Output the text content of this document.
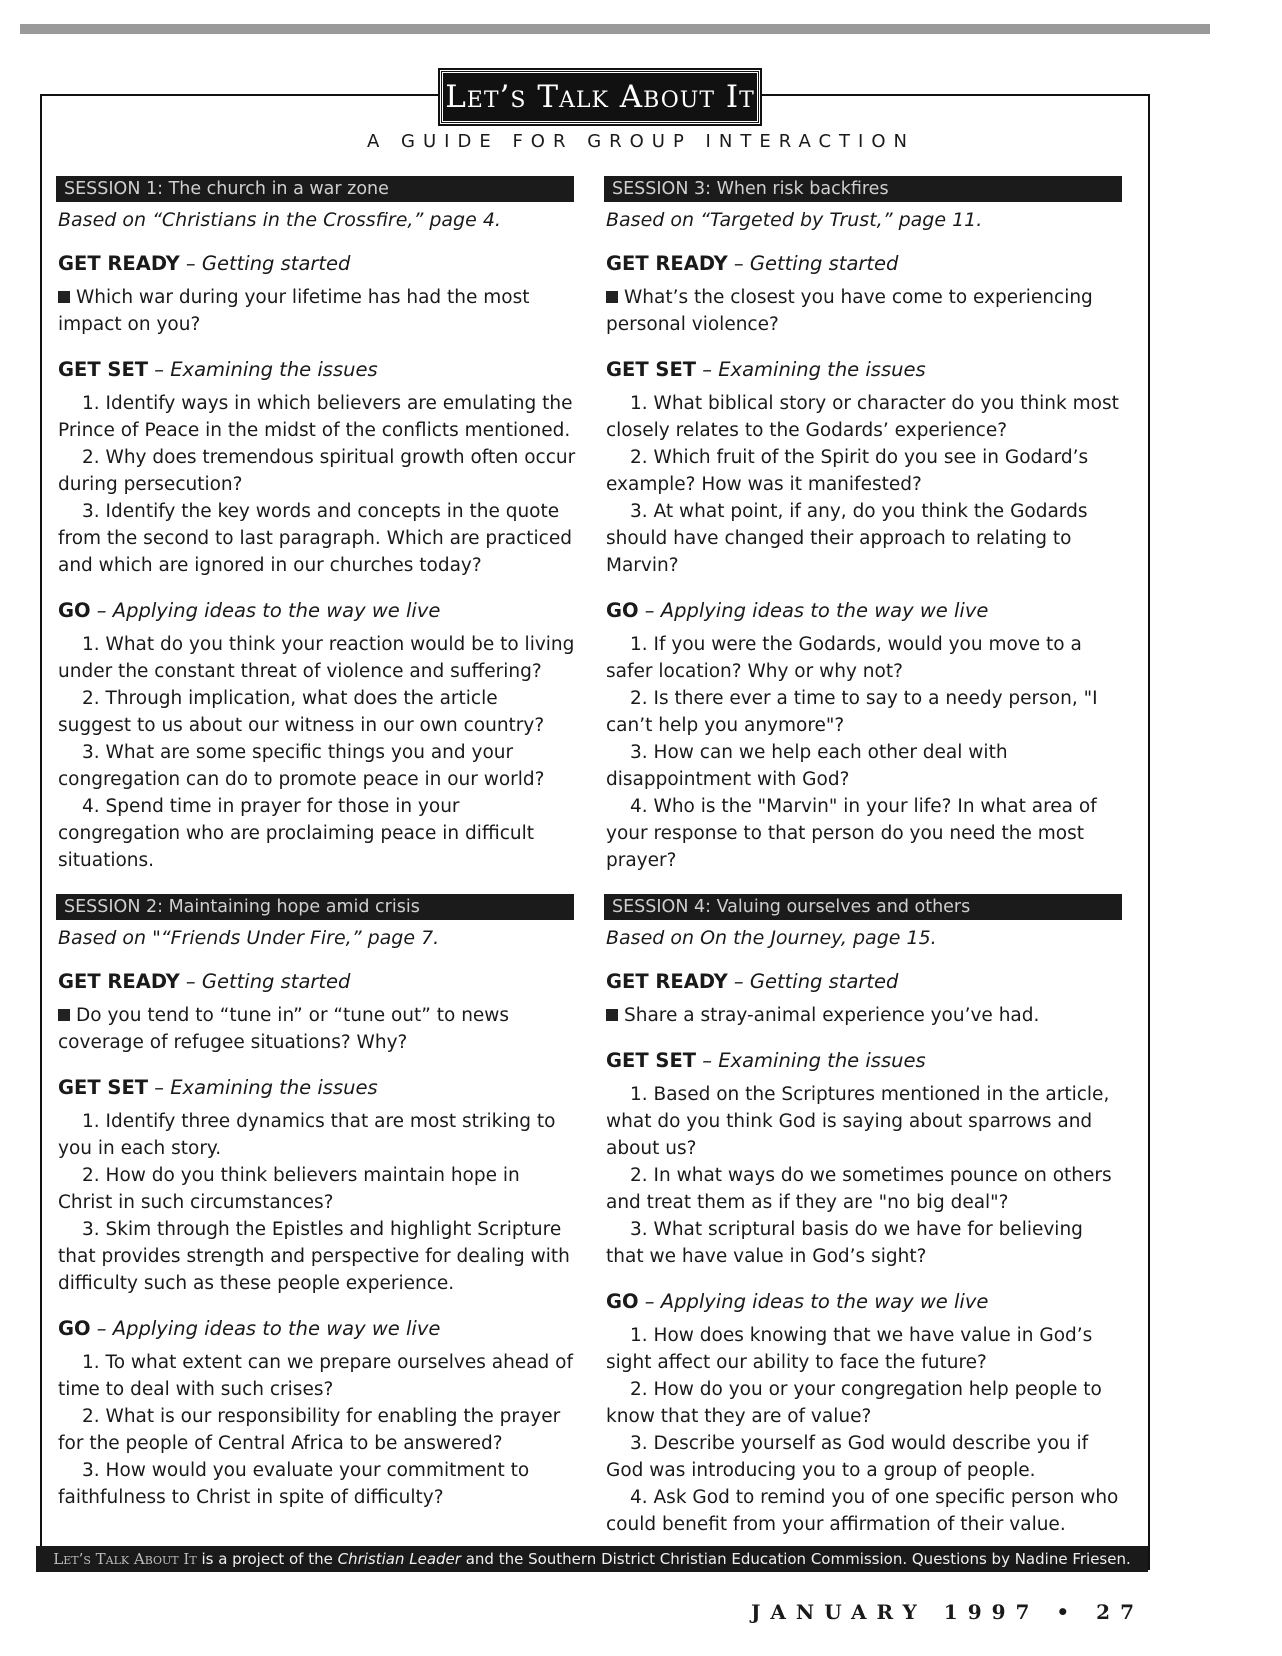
Let’s Talk About It
A GUIDE FOR GROUP INTERACTION
SESSION 1: The church in a war zone
Based on “Christians in the Crossfire,” page 4.
GET READY – Getting started
Which war during your lifetime has had the most impact on you?
GET SET – Examining the issues
1. Identify ways in which believers are emulating the Prince of Peace in the midst of the conflicts mentioned.
2. Why does tremendous spiritual growth often occur during persecution?
3. Identify the key words and concepts in the quote from the second to last paragraph. Which are practiced and which are ignored in our churches today?
GO – Applying ideas to the way we live
1. What do you think your reaction would be to living under the constant threat of violence and suffering?
2. Through implication, what does the article suggest to us about our witness in our own country?
3. What are some specific things you and your congregation can do to promote peace in our world?
4. Spend time in prayer for those in your congregation who are proclaiming peace in difficult situations.
SESSION 2: Maintaining hope amid crisis
Based on "“Friends Under Fire,” page 7.
GET READY – Getting started
Do you tend to “tune in” or “tune out” to news coverage of refugee situations? Why?
GET SET – Examining the issues
1. Identify three dynamics that are most striking to you in each story.
2. How do you think believers maintain hope in Christ in such circumstances?
3. Skim through the Epistles and highlight Scripture that provides strength and perspective for dealing with difficulty such as these people experience.
GO – Applying ideas to the way we live
1. To what extent can we prepare ourselves ahead of time to deal with such crises?
2. What is our responsibility for enabling the prayer for the people of Central Africa to be answered?
3. How would you evaluate your commitment to faithfulness to Christ in spite of difficulty?
SESSION 3: When risk backfires
Based on “Targeted by Trust,” page 11.
GET READY – Getting started
What’s the closest you have come to experiencing personal violence?
GET SET – Examining the issues
1. What biblical story or character do you think most closely relates to the Godards’ experience?
2. Which fruit of the Spirit do you see in Godard’s example? How was it manifested?
3. At what point, if any, do you think the Godards should have changed their approach to relating to Marvin?
GO – Applying ideas to the way we live
1. If you were the Godards, would you move to a safer location? Why or why not?
2. Is there ever a time to say to a needy person, "I can’t help you anymore"?
3. How can we help each other deal with disappointment with God?
4. Who is the "Marvin" in your life? In what area of your response to that person do you need the most prayer?
SESSION 4: Valuing ourselves and others
Based on On the Journey, page 15.
GET READY – Getting started
Share a stray-animal experience you’ve had.
GET SET – Examining the issues
1. Based on the Scriptures mentioned in the article, what do you think God is saying about sparrows and about us?
2. In what ways do we sometimes pounce on others and treat them as if they are "no big deal"?
3. What scriptural basis do we have for believing that we have value in God’s sight?
GO – Applying ideas to the way we live
1. How does knowing that we have value in God’s sight affect our ability to face the future?
2. How do you or your congregation help people to know that they are of value?
3. Describe yourself as God would describe you if God was introducing you to a group of people.
4. Ask God to remind you of one specific person who could benefit from your affirmation of their value.
Let’s Talk About It is a project of the Christian Leader and the Southern District Christian Education Commission. Questions by Nadine Friesen.
JANUARY 1997 • 27
